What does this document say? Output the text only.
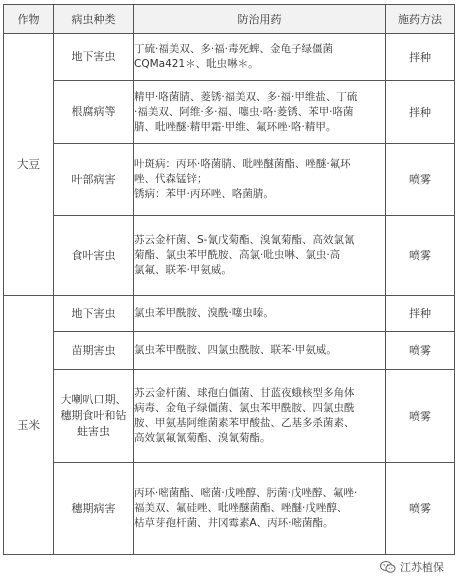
作物	病虫种类	防治用药	施药方法
大豆	地下害虫	丁硫·福美双、多·福·毒死蜱、金龟子绿僵菌
CQMa421＊、吡虫啉＊。	拌种
	根腐病等	精甲·咯菌腈、菱锈·福美双、多·福·甲维盐、丁硫
·福美双、阿维·多·福、噻虫·咯·菱锈、苯甲·咯菌
腈、吡唑醚·精甲霜·甲维、氟环唑·咯·精甲。	拌种
	叶部病害	叶斑病：丙环·咯菌腈、吡唑醚菌酯、唑醚·氟环
唑、代森锰锌；
锈病：苯甲·丙环唑、咯菌腈。	喷雾
	食叶害虫	苏云金杆菌、S-氰戊菊酯、溴氰菊酯、高效氯氰
菊酯、氯虫苯甲酰胺、高氯·吡虫啉、氯虫·高
氯氟、联苯·甲氨威。	喷雾
玉米	地下害虫	氯虫苯甲酰胺、溴酰·噻虫嗪。	拌种
	苗期害虫	氯虫苯甲酰胺、四氯虫酰胺、联苯·甲氨威。	喷雾

	大喇叭口期、
穗期食叶和钻
蛀害虫	苏云金杆菌、球孢白僵菌、甘蓝夜蛾核型多角体
病毒、金龟子绿僵菌、氯虫苯甲酰胺、四氯虫酰
胺、甲氨基阿维菌素苯甲酸盐、乙基多杀菌素、
高效氯氟氰菊酯、溴氰菊酯。	喷雾
	穗期病害	丙环·嘧菌酯、嘧菌·戊唑醇、肟菌·戊唑醇、氟唑·
福美双、氟硅唑、吡唑醚菌酯、唑醚·戊唑醇、
枯草芽孢杆菌、井冈霉素A、丙环·嘧菌酯。	喷雾
江苏植保
